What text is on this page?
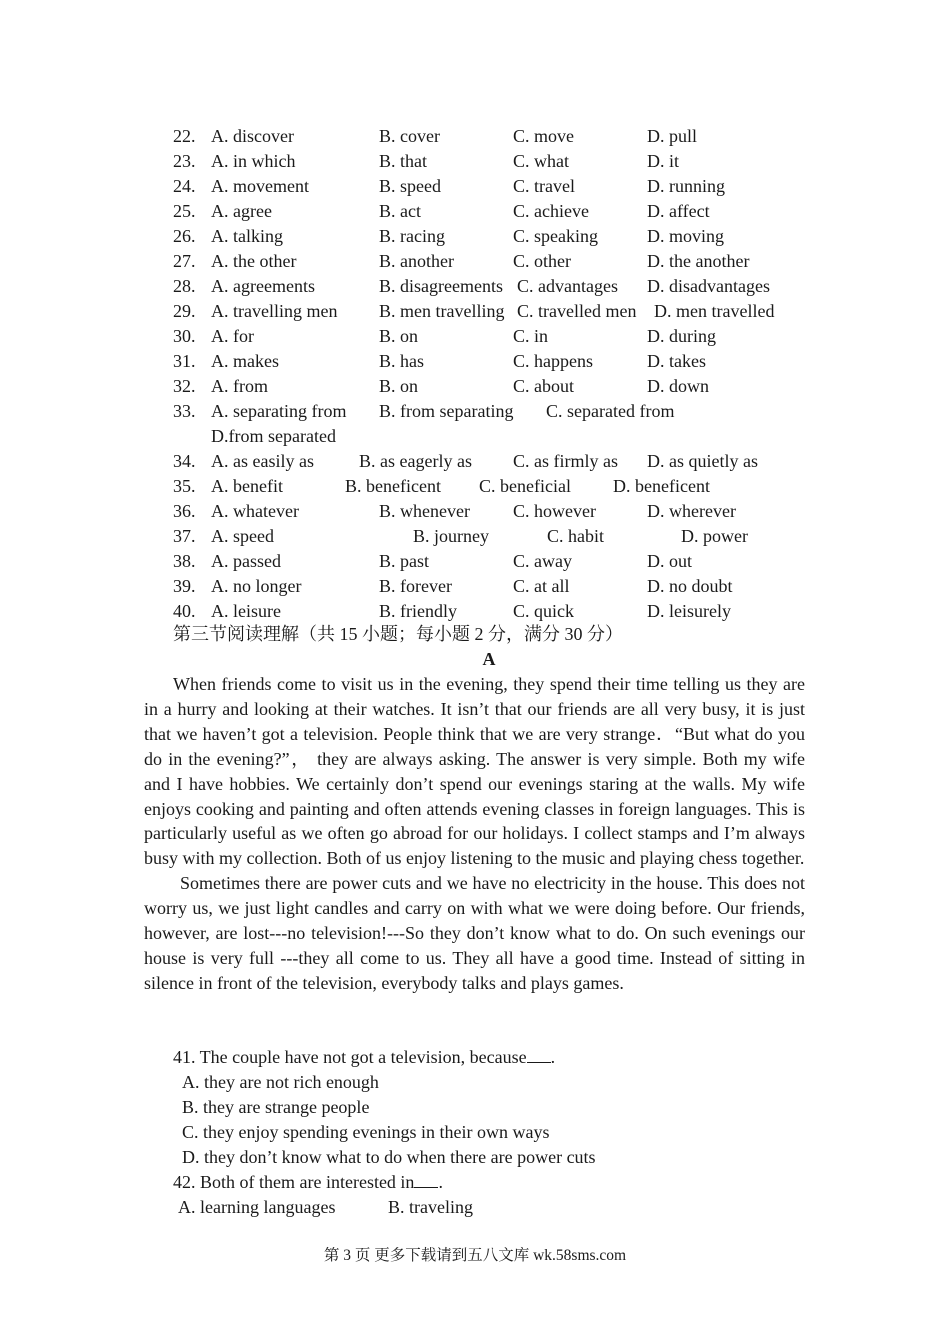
22. A. discover	B. cover	C. move	D. pull
23. A. in which	B. that	C. what	D. it
24. A. movement	B. speed	C. travel	D. running
25. A. agree	B. act	C. achieve	D. affect
26. A. talking	B. racing	C. speaking	D. moving
27. A. the other	B. another	C. other	D. the another
28. A. agreements	B. disagreements C. advantages D. disadvantages
29. A. travelling men B. men travelling C. travelled men D. men travelled
30. A. for	B. on	C. in	D. during
31. A. makes	B. has	C. happens	D. takes
32. A. from	B. on	C. about	D. down
33. A. separating from B. from separating C. separated from
D.from separated
34. A. as easily as	B. as eagerly as C. as firmly as D. as quietly as
35. A. benefit	B. beneficent C. beneficial D. beneficent
36. A. whatever	B. whenever C. however	D. wherever
37. A. speed	B. journey	C. habit	D. power
38. A. passed	B. past	C. away	D. out
39. A. no longer	B. forever	C. at all	D. no doubt
40. A. leisure	B. friendly	C. quick	D. leisurely
第三节阅读理解（共 15 小题；每小题 2 分，满分 30 分）
A

When friends come to visit us in the evening, they spend their time telling us they are in a hurry and looking at their watches. It isn’t that our friends are all very busy, it is just that we haven’t got a television. People think that we are very strange．“But what do you do in the evening?”， they are always asking. The answer is very simple. Both my wife and I have hobbies. We certainly don’t spend our evenings staring at the walls. My wife enjoys cooking and painting and often attends evening classes in foreign languages. This is particularly useful as we often go abroad for our holidays. I collect stamps and I’m always busy with my collection. Both of us enjoy listening to the music and playing chess together.

Sometimes there are power cuts and we have no electricity in the house. This does not worry us, we just light candles and carry on with what we were doing before. Our friends, however, are lost---no television!---So they don’t know what to do. On such evenings our house is very full ---they all come to us. They all have a good time. Instead of sitting in silence in front of the television, everybody talks and plays games.

41. The couple have not got a television, because .
A. they are not rich enough
B. they are strange people
C. they enjoy spending evenings in their own ways
D. they don’t know what to do when there are power cuts
42. Both of them are interested in .
A. learning languages	B. traveling
第 3 页 更多下载请到五八文库 wk.58sms.com
